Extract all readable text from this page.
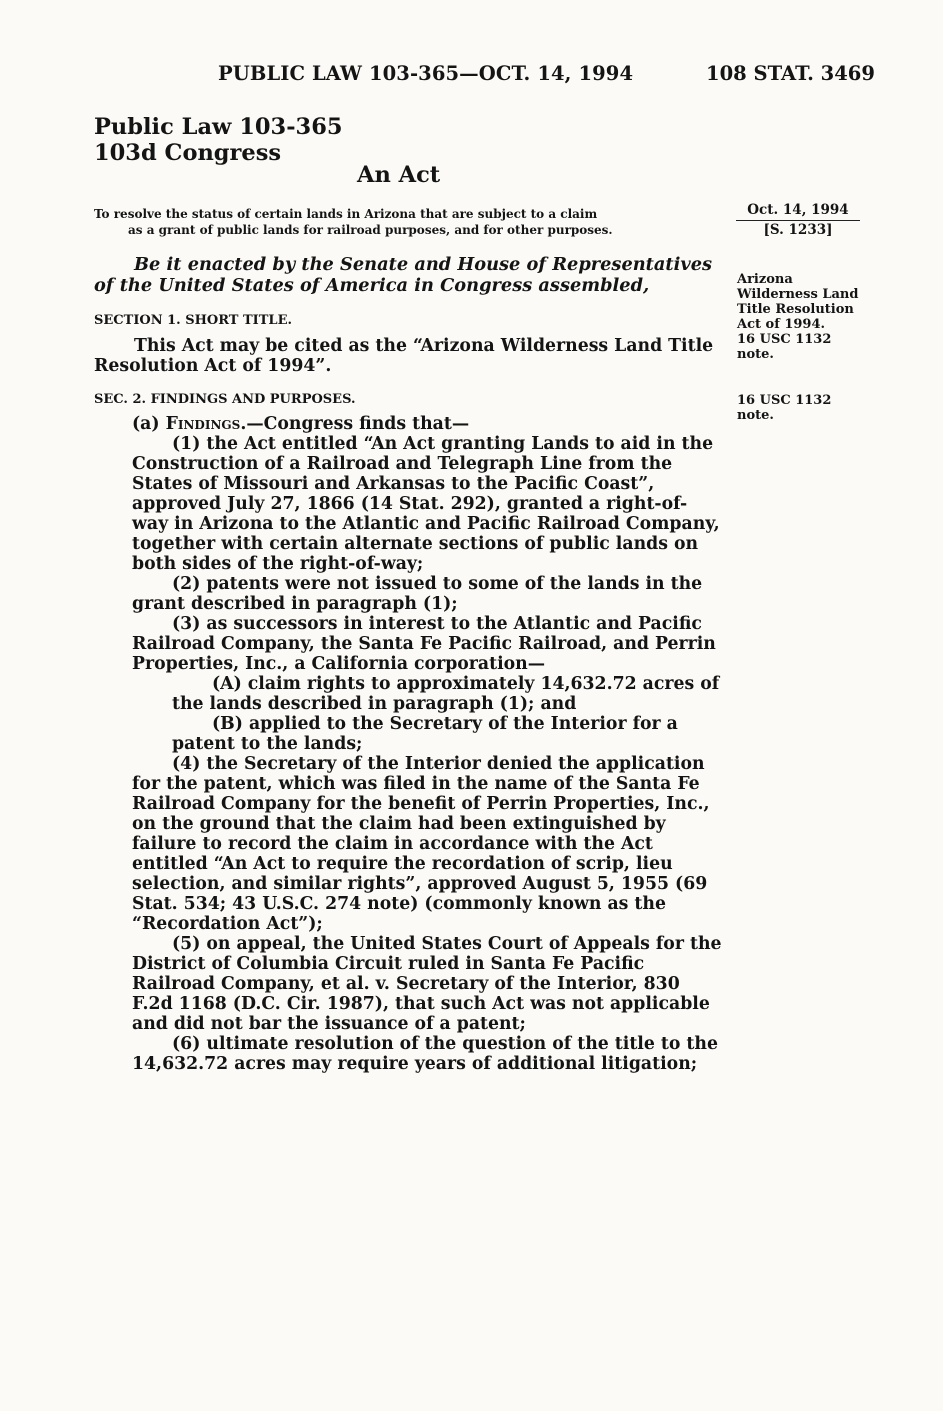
PUBLIC LAW 103-365—OCT. 14, 1994	108 STAT. 3469
Public Law 103-365
103d Congress
An Act
To resolve the status of certain lands in Arizona that are subject to a claim
as a grant of public lands for railroad purposes, and for other purposes.
Oct. 14, 1994
[S. 1233]
Arizona
Wilderness Land
Title Resolution
Act of 1994.
16 USC 1132
note.
16 USC 1132
note.
Be it enacted by the Senate and House of Representatives of the United States of America in Congress assembled,
SECTION 1. SHORT TITLE.
This Act may be cited as the “Arizona Wilderness Land Title Resolution Act of 1994”.
SEC. 2. FINDINGS AND PURPOSES.

(a) Findings.—Congress finds that—

(1) the Act entitled “An Act granting Lands to aid in the Construction of a Railroad and Telegraph Line from the States of Missouri and Arkansas to the Pacific Coast”, approved July 27, 1866 (14 Stat. 292), granted a right-of-way in Arizona to the Atlantic and Pacific Railroad Company, together with certain alternate sections of public lands on both sides of the right-of-way;

(2) patents were not issued to some of the lands in the grant described in paragraph (1);

(3) as successors in interest to the Atlantic and Pacific Railroad Company, the Santa Fe Pacific Railroad, and Perrin Properties, Inc., a California corporation—

(A) claim rights to approximately 14,632.72 acres of the lands described in paragraph (1); and

(B) applied to the Secretary of the Interior for a patent to the lands;

(4) the Secretary of the Interior denied the application for the patent, which was filed in the name of the Santa Fe Railroad Company for the benefit of Perrin Properties, Inc., on the ground that the claim had been extinguished by failure to record the claim in accordance with the Act entitled “An Act to require the recordation of scrip, lieu selection, and similar rights”, approved August 5, 1955 (69 Stat. 534; 43 U.S.C. 274 note) (commonly known as the “Recordation Act”);

(5) on appeal, the United States Court of Appeals for the District of Columbia Circuit ruled in Santa Fe Pacific Railroad Company, et al. v. Secretary of the Interior, 830 F.2d 1168 (D.C. Cir. 1987), that such Act was not applicable and did not bar the issuance of a patent;

(6) ultimate resolution of the question of the title to the 14,632.72 acres may require years of additional litigation;
